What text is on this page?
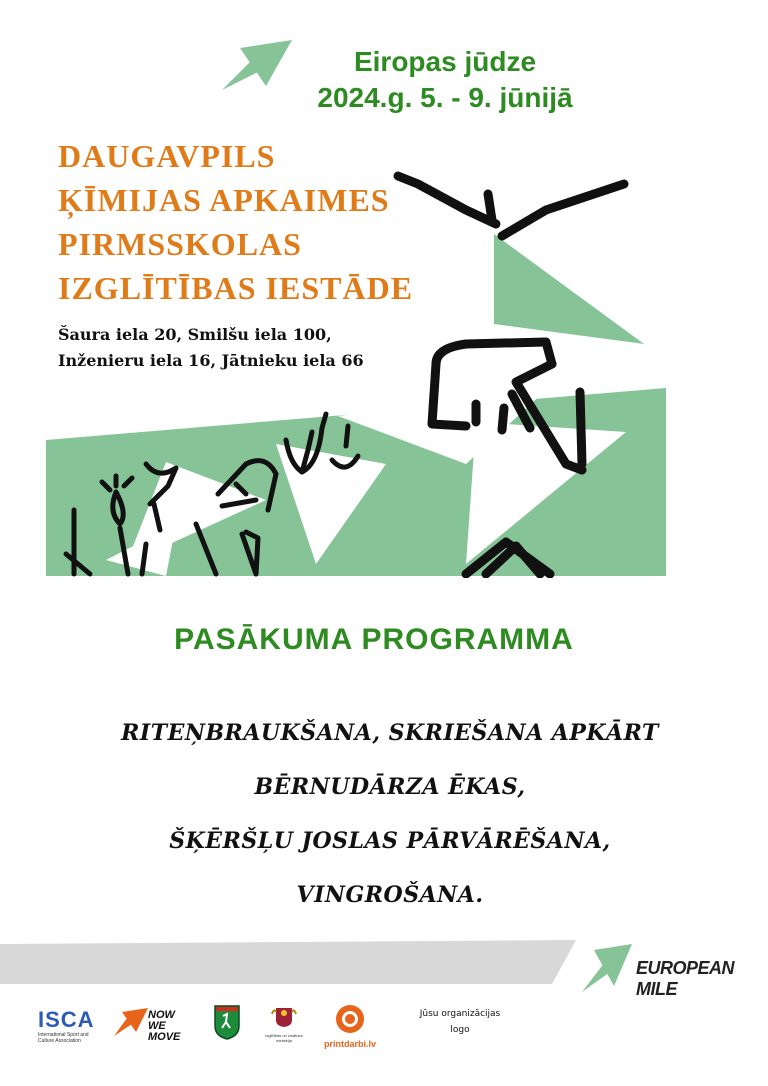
Eiropas jūdze
2024.g. 5. - 9. jūnijā
DAUGAVPILS
ĶĪMIJAS APKAIMES
PIRMSSKOLAS
IZGLĪTĪBAS IESTĀDE
Šaura iela 20, Smilšu iela 100,
Inženieru iela 16, Jātnieku iela 66
PASĀKUMA PROGRAMMA
RITEŅBRAUKŠANA, SKRIEŠANA APKĀRT
BĒRNUDĀRZA ĒKAS,
ŠĶĒRŠĻU JOSLAS PĀRVĀRĒŠANA,
VINGROŠANA.
EUROPEAN MILE
ISCA
International Sport and
Culture Association
NOW
WE MOVE	Izglītības un zinātnes
ministrija	printdarbi.lv
Jūsu organizācijas
logo
